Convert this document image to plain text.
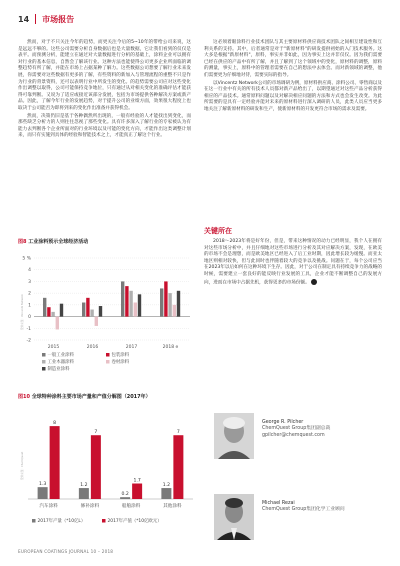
14 市场报告

然而，对于不只关注今年的趋势，而更关注今后的5~10年的带给公司来说，这是远远不够的。这些公司需要分析自身数据后也是大量数据，它让我们看到的仅仅是表平。而预测分析，能建立在通过对大量数据进行分析的基础上，涂料企业可以拥有对行业的基本信息，自然会了解该行业。这种方法也能使得公司更多企业所面临的调整趋势有所了解，并能在市场上占据某种了解力。这些数据公司想要了解行业未来发展，你需要对这些数据有更多的了解，有些资料的新加入与管理流程的重整不只是作为行业的背景资料，还可以表明行业中所发生的变化。的趋势需要公司应对这些变化作出调整以取得，公司可能保持竞争地位，只有通过从对相关变化的准确评估才能获得可靠判断。又说为了适应或接近该部分发展，包括为市场提供各种解决方案或新产品。因此，了解今年行业的发展趋势，对于提升公司的业绩方面，效果很大程度上也取决于公司能否为即将到来的变化作出准备并获得机会。

然而，决策仍旧是基于各种偶然所出现的，一般有经验的人才能找出到变化，而那些缺乏分析力的人则往往忽视了那些变化。具有许多深入了解行业的专家被认为有能力去判断各个企业所面对的行业环境以及可能的变化方向，才能作出这类调整计划来，而只有实施到具体的经验和智能技术之上，才能真正了解这个行业。

这必须着眼涂料行业技术团队与其主要原材料供应商技术团队之间相互建设性和互利关系的支持。其中，后者通常是对于"新原材料"的研发提供初始的入门技术服务。这大多是根据"新原材料"，原料，事实并非如此，因为事实上这并非仅仅。因为我们需要已经在供应的产品中有所了解，并且了解到了这个领域中的变化，原材料的调整，原料的测量，事实上，原料中的管理者需要在自己的想法中去体会。而对新领域的调整，他们需要更为仔细地对待，需要实际的指导。

以Vincentz Network公司的市场调研为例，原材料供应商、涂料公司、零售商以及在这一行业中有关的所有技术人员都对新产品给出了，以期望通过对这些产品分析获得相应的产品技术。通常原料问题以及对解决相应问题的方法和方式也会发生改变。为此所需要的是具有一定经验并能对未来的原材料进行深入调研的人员，此类人员应当更多地关注了解新原材料的研发和生产，使新原材料的开发更符合市场的需求及需要。

关键所在

2018～2023年将是好年份，但是，带来这种情况的动力已经明显，我个人在拥有对这些市场分析中，并且仔细地对这些市场进行分析及其对应解决方案，发现，在欧美的市场不会是理想，而是欧美地区已经进入了后工业时期，因此增长较为缓慢。而亚太地区则相对较快，但与此同时也伴随着较大的竞争以及挑战。问题在于，每个公司应当在2023年以后如何在这种环境下生存。因此，对于公司在制定具有持续竞争力的战略的时候，需要建立一套良好的能反映行业发展的工具，企业才能不断调整自己的发展方向，进而在市场中占据先机，获得更多的市场份额。	▶

图8 工业涂料预示全球经济活动
资料来源：Vincentz Network
5 %
4
3
2
1
0
-1
-2
2015	2016	2017	2018 e
一般工业涂料	包装涂料
工业木器涂料	卷材涂料
制造业涂料
图10 全球特种涂料主要市场产量和产值分解图（2017年）
资料来源：ChemQuest
1.3
8
汽车涂料
1.2
7
修补涂料
0.2
1.7
船舶涂料
1.2
7
其他涂料
2017年产量（*10亿L）	2017年产值（*10亿欧元）
George R. Pilcher
ChemQuest Group集团副总裁
gpilcher@chemquest.com
Michael Rezai
ChemQuest Group集团化学工业顾问
EUROPEAN COATINGS JOURNAL 10 – 2018
